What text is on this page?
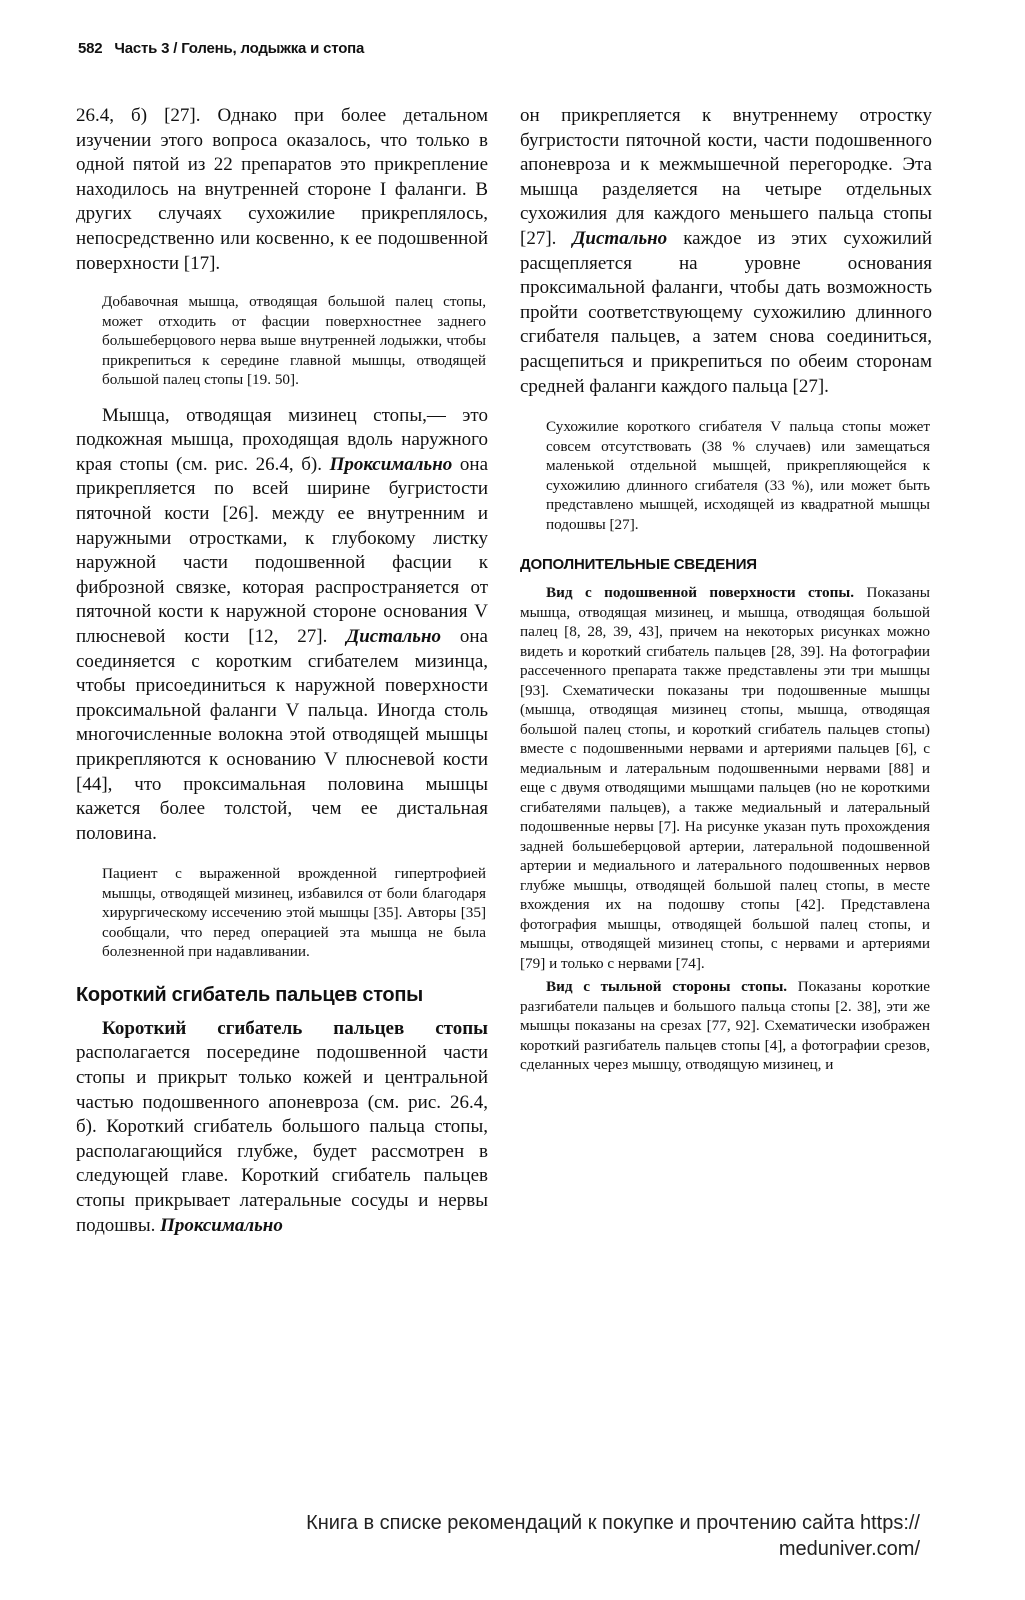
582 Часть 3 / Голень, лодыжка и стопа

26.4, б) [27]. Однако при более детальном изучении этого вопроса оказалось, что только в одной пятой из 22 препаратов это прикрепление находилось на внутренней стороне I фаланги. В других случаях сухожилие прикреплялось, непосредственно или косвенно, к ее подошвенной поверхности [17].

Добавочная мышца, отводящая большой палец стопы, может отходить от фасции поверхностнее заднего большеберцового нерва выше внутренней лодыжки, чтобы прикрепиться к середине главной мышцы, отводящей большой палец стопы [19. 50].

Мышца, отводящая мизинец стопы,— это подкожная мышца, проходящая вдоль наружного края стопы (см. рис. 26.4, б). Проксимально она прикрепляется по всей ширине бугристости пяточной кости [26]. между ее внутренним и наружными отростками, к глубокому листку наружной части подошвенной фасции к фиброзной связке, которая распространяется от пяточной кости к наружной стороне основания V плюсневой кости [12, 27]. Дистально она соединяется с коротким сгибателем мизинца, чтобы присоединиться к наружной поверхности проксимальной фаланги V пальца. Иногда столь многочисленные волокна этой отводящей мышцы прикрепляются к основанию V плюсневой кости [44], что проксимальная половина мышцы кажется более толстой, чем ее дистальная половина.

Пациент с выраженной врожденной гипертрофией мышцы, отводящей мизинец, избавился от боли благодаря хирургическому иссечению этой мышцы [35]. Авторы [35] сообщали, что перед операцией эта мышца не была болезненной при надавливании.

Короткий сгибатель пальцев стопы

Короткий сгибатель пальцев стопы располагается посередине подошвенной части стопы и прикрыт только кожей и центральной частью подошвенного апоневроза (см. рис. 26.4, б). Короткий сгибатель большого пальца стопы, располагающийся глубже, будет рассмотрен в следующей главе. Короткий сгибатель пальцев стопы прикрывает латеральные сосуды и нервы подошвы. Проксимально

он прикрепляется к внутреннему отростку бугристости пяточной кости, части подошвенного апоневроза и к межмышечной перегородке. Эта мышца разделяется на четыре отдельных сухожилия для каждого меньшего пальца стопы [27]. Дистально каждое из этих сухожилий расщепляется на уровне основания проксимальной фаланги, чтобы дать возможность пройти соответствующему сухожилию длинного сгибателя пальцев, а затем снова соединиться, расщепиться и прикрепиться по обеим сторонам средней фаланги каждого пальца [27].

Сухожилие короткого сгибателя V пальца стопы может совсем отсутствовать (38 % случаев) или замещаться маленькой отдельной мышцей, прикрепляющейся к сухожилию длинного сгибателя (33 %), или может быть представлено мышцей, исходящей из квадратной мышцы подошвы [27].

ДОПОЛНИТЕЛЬНЫЕ СВЕДЕНИЯ

Вид с подошвенной поверхности стопы. Показаны мышца, отводящая мизинец, и мышца, отводящая большой палец [8, 28, 39, 43], причем на некоторых рисунках можно видеть и короткий сгибатель пальцев [28, 39]. На фотографии рассеченного препарата также представлены эти три мышцы [93]. Схематически показаны три подошвенные мышцы (мышца, отводящая мизинец стопы, мышца, отводящая большой палец стопы, и короткий сгибатель пальцев стопы) вместе с подошвенными нервами и артериями пальцев [6], с медиальным и латеральным подошвенными нервами [88] и еще с двумя отводящими мышцами пальцев (но не короткими сгибателями пальцев), а также медиальный и латеральный подошвенные нервы [7]. На рисунке указан путь прохождения задней большеберцовой артерии, латеральной подошвенной артерии и медиального и латерального подошвенных нервов глубже мышцы, отводящей большой палец стопы, в месте вхождения их на подошву стопы [42]. Представлена фотография мышцы, отводящей большой палец стопы, и мышцы, отводящей мизинец стопы, с нервами и артериями [79] и только с нервами [74].

Вид с тыльной стороны стопы. Показаны короткие разгибатели пальцев и большого пальца стопы [2. 38], эти же мышцы показаны на срезах [77, 92]. Схематически изображен короткий разгибатель пальцев стопы [4], а фотографии срезов, сделанных через мышцу, отводящую мизинец, и

Книга в списке рекомендаций к покупке и прочтению сайта https://
meduniver.com/
